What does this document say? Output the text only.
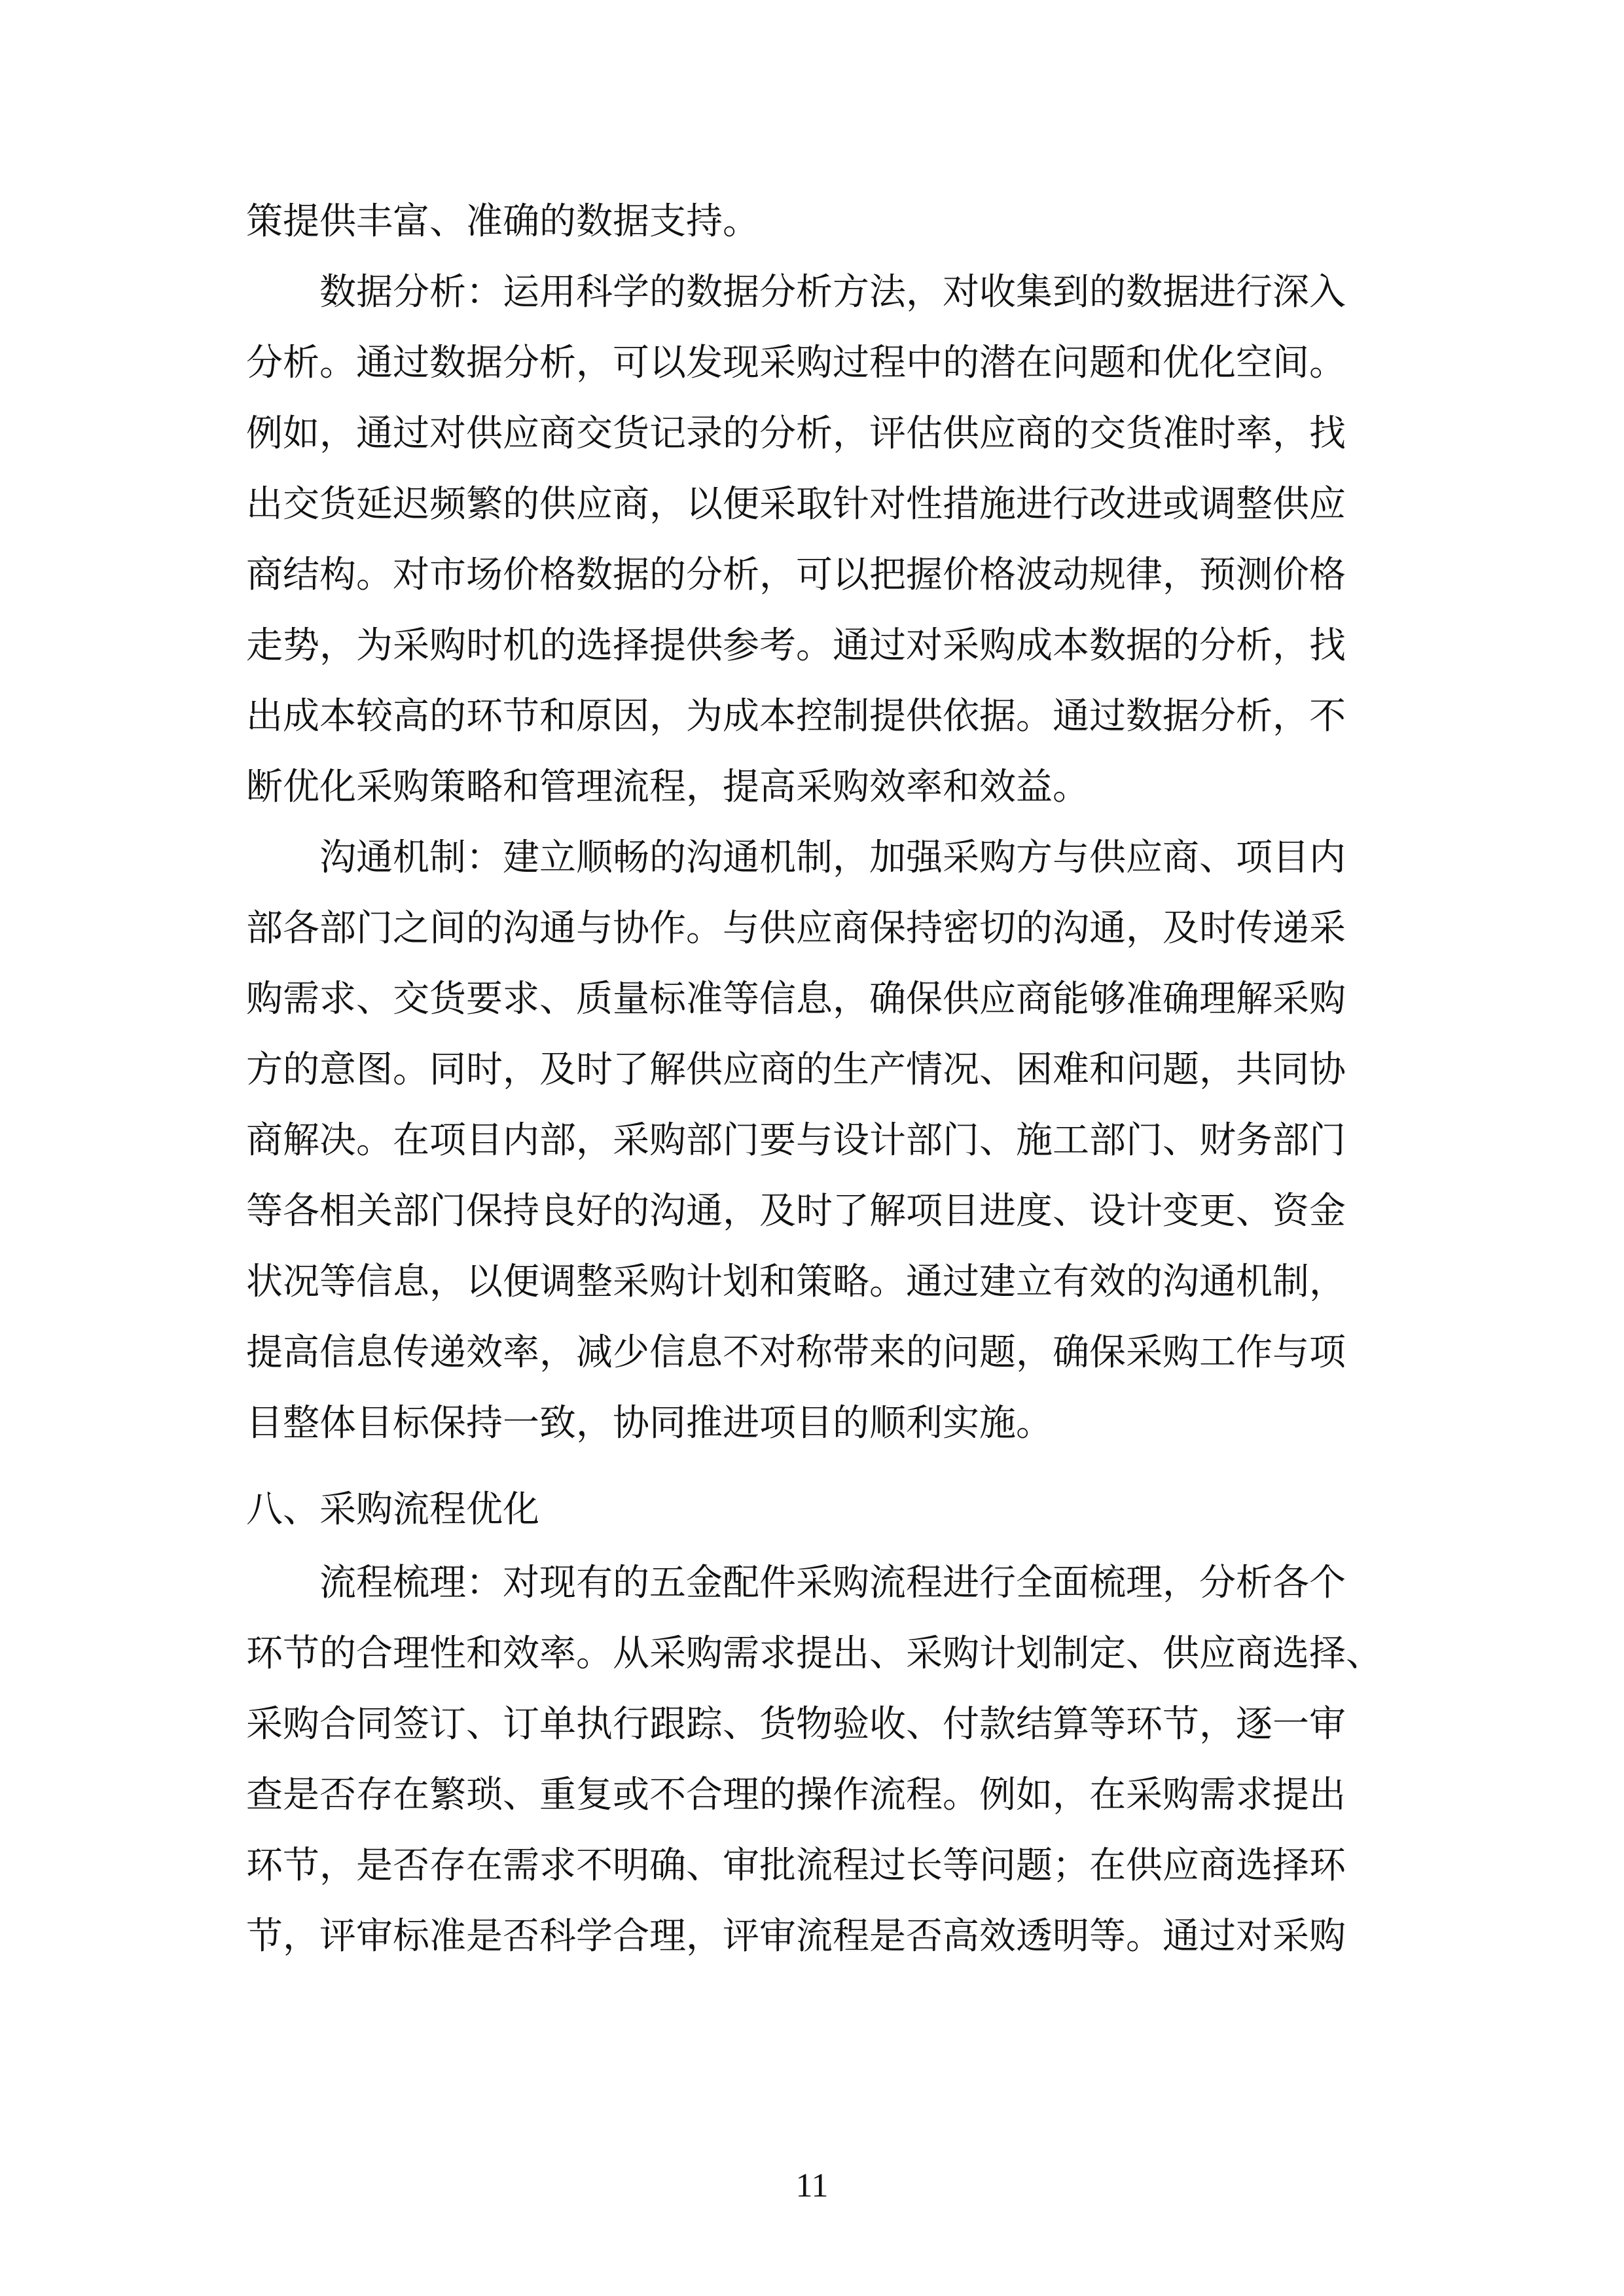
策提供丰富、准确的数据支持。
数据分析：运用科学的数据分析方法，对收集到的数据进行深入
分析。通过数据分析，可以发现采购过程中的潜在问题和优化空间。
例如，通过对供应商交货记录的分析，评估供应商的交货准时率，找
出交货延迟频繁的供应商，以便采取针对性措施进行改进或调整供应
商结构。对市场价格数据的分析，可以把握价格波动规律，预测价格
走势，为采购时机的选择提供参考。通过对采购成本数据的分析，找
出成本较高的环节和原因，为成本控制提供依据。通过数据分析，不
断优化采购策略和管理流程，提高采购效率和效益。
沟通机制：建立顺畅的沟通机制，加强采购方与供应商、项目内
部各部门之间的沟通与协作。与供应商保持密切的沟通，及时传递采
购需求、交货要求、质量标准等信息，确保供应商能够准确理解采购
方的意图。同时，及时了解供应商的生产情况、困难和问题，共同协
商解决。在项目内部，采购部门要与设计部门、施工部门、财务部门
等各相关部门保持良好的沟通，及时了解项目进度、设计变更、资金
状况等信息，以便调整采购计划和策略。通过建立有效的沟通机制，
提高信息传递效率，减少信息不对称带来的问题，确保采购工作与项
目整体目标保持一致，协同推进项目的顺利实施。
八、采购流程优化
流程梳理：对现有的五金配件采购流程进行全面梳理，分析各个
环节的合理性和效率。从采购需求提出、采购计划制定、供应商选择、
采购合同签订、订单执行跟踪、货物验收、付款结算等环节，逐一审
查是否存在繁琐、重复或不合理的操作流程。例如，在采购需求提出
环节，是否存在需求不明确、审批流程过长等问题；在供应商选择环
节，评审标准是否科学合理，评审流程是否高效透明等。通过对采购
11
